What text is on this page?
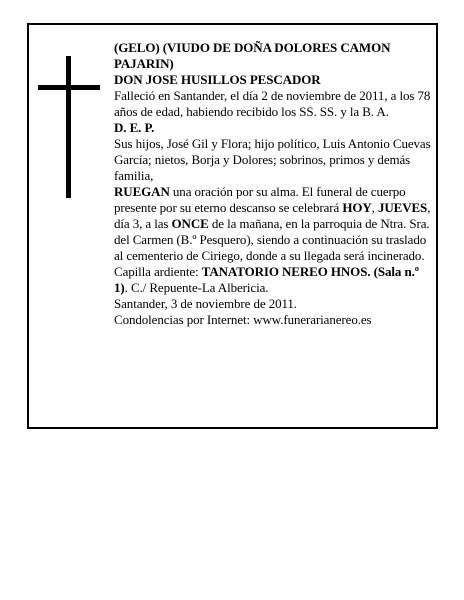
(GELO) (VIUDO DE DOÑA DOLORES CAMON PAJARIN)

DON JOSE HUSILLOS PESCADOR

Falleció en Santander, el día 2 de noviembre de 2011, a los 78 años de edad, habiendo recibido los SS. SS. y la B. A.

D. E. P.

Sus hijos, José Gil y Flora; hijo político, Luis Antonio Cuevas García; nietos, Borja y Dolores; sobrinos, primos y demás familia,

RUEGAN una oración por su alma. El funeral de cuerpo presente por su eterno descanso se celebrará HOY, JUEVES, día 3, a las ONCE de la mañana, en la parroquia de Ntra. Sra. del Carmen (B.º Pesquero), siendo a continuación su traslado al cementerio de Ciriego, donde a su llegada será incinerado.

Capilla ardiente: TANATORIO NEREO HNOS. (Sala n.º 1). C./ Repuente-La Albericia.

Santander, 3 de noviembre de 2011.

Condolencias por Internet: www.funerarianereo.es
